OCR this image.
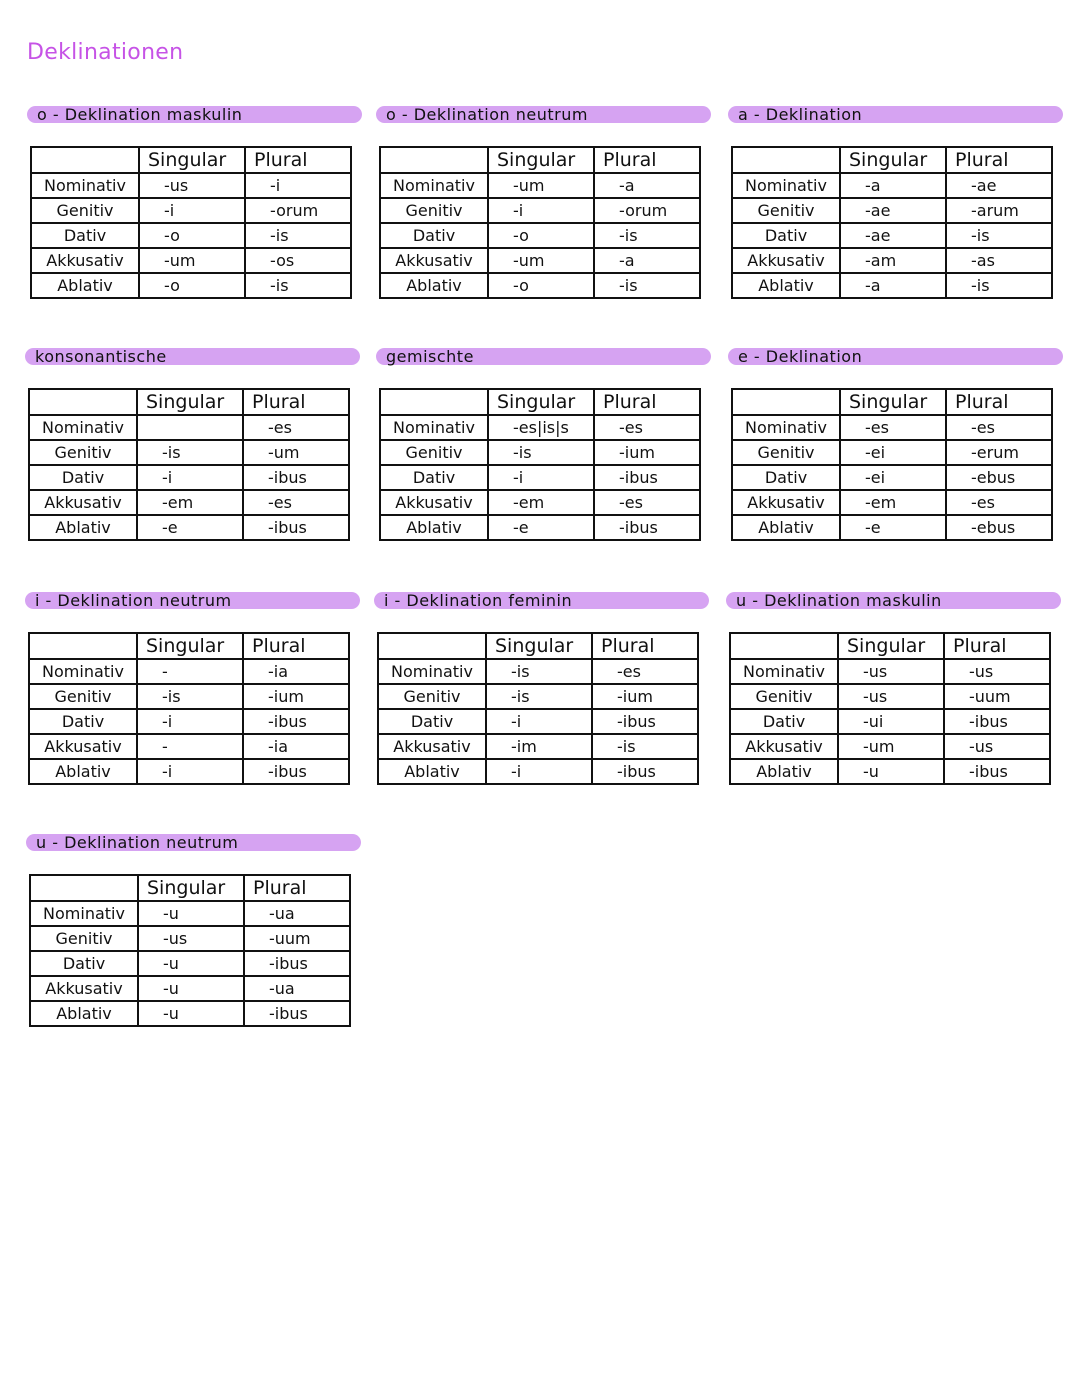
Deklinationen
o - Deklination maskulin
	Singular	Plural
Nominativ	-us	-i
Genitiv	-i	-orum
Dativ	-o	-is
Akkusativ	-um	-os
Ablativ	-o	-is
o - Deklination neutrum
	Singular	Plural
Nominativ	-um	-a
Genitiv	-i	-orum
Dativ	-o	-is
Akkusativ	-um	-a
Ablativ	-o	-is
a - Deklination
	Singular	Plural
Nominativ	-a	-ae
Genitiv	-ae	-arum
Dativ	-ae	-is
Akkusativ	-am	-as
Ablativ	-a	-is
konsonantische
	Singular	Plural
Nominativ		-es
Genitiv	-is	-um
Dativ	-i	-ibus
Akkusativ	-em	-es
Ablativ	-e	-ibus
gemischte
	Singular	Plural
Nominativ	-es|is|s	-es
Genitiv	-is	-ium
Dativ	-i	-ibus
Akkusativ	-em	-es
Ablativ	-e	-ibus
e - Deklination
	Singular	Plural
Nominativ	-es	-es
Genitiv	-ei	-erum
Dativ	-ei	-ebus
Akkusativ	-em	-es
Ablativ	-e	-ebus
i - Deklination neutrum
	Singular	Plural
Nominativ	-	-ia
Genitiv	-is	-ium
Dativ	-i	-ibus
Akkusativ	-	-ia
Ablativ	-i	-ibus
i - Deklination feminin
	Singular	Plural
Nominativ	-is	-es
Genitiv	-is	-ium
Dativ	-i	-ibus
Akkusativ	-im	-is
Ablativ	-i	-ibus
u - Deklination maskulin
	Singular	Plural
Nominativ	-us	-us
Genitiv	-us	-uum
Dativ	-ui	-ibus
Akkusativ	-um	-us
Ablativ	-u	-ibus
u - Deklination neutrum
	Singular	Plural
Nominativ	-u	-ua
Genitiv	-us	-uum
Dativ	-u	-ibus
Akkusativ	-u	-ua
Ablativ	-u	-ibus
